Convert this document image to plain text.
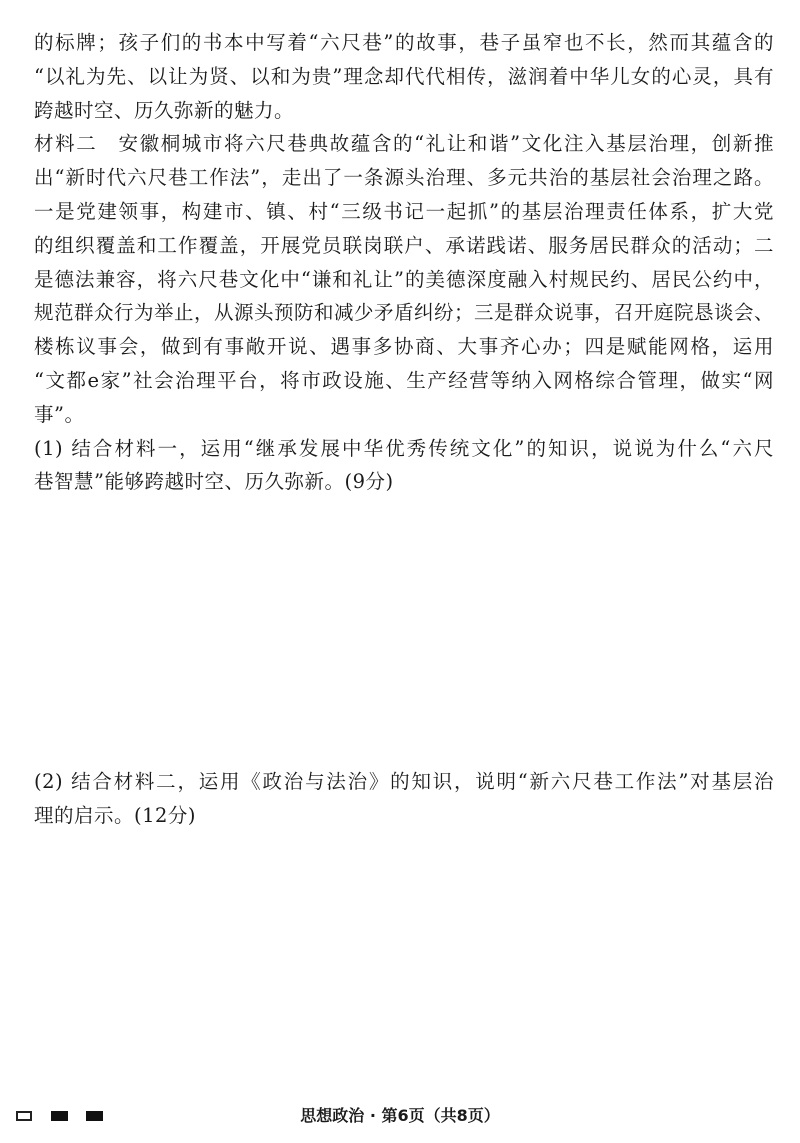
的标牌；孩子们的书本中写着“六尺巷”的故事，巷子虽窄也不长，然而其蕴含的
“以礼为先、以让为贤、以和为贵”理念却代代相传，滋润着中华儿女的心灵，具有
跨越时空、历久弥新的魅力。
材料二　安徽桐城市将六尺巷典故蕴含的“礼让和谐”文化注入基层治理，创新推
出“新时代六尺巷工作法”，走出了一条源头治理、多元共治的基层社会治理之路。
一是党建领事，构建市、镇、村“三级书记一起抓”的基层治理责任体系，扩大党
的组织覆盖和工作覆盖，开展党员联岗联户、承诺践诺、服务居民群众的活动；二
是德法兼容，将六尺巷文化中“谦和礼让”的美德深度融入村规民约、居民公约中，
规范群众行为举止，从源头预防和减少矛盾纠纷；三是群众说事，召开庭院恳谈会、
楼栋议事会，做到有事敞开说、遇事多协商、大事齐心办；四是赋能网格，运用
“文都e家”社会治理平台，将市政设施、生产经营等纳入网格综合管理，做实“网
事”。
(1) 结合材料一，运用“继承发展中华优秀传统文化”的知识，说说为什么“六尺
巷智慧”能够跨越时空、历久弥新。(9分)
(2) 结合材料二，运用《政治与法治》的知识，说明“新六尺巷工作法”对基层治
理的启示。(12分)
思想政治 · 第6页（共8页）
